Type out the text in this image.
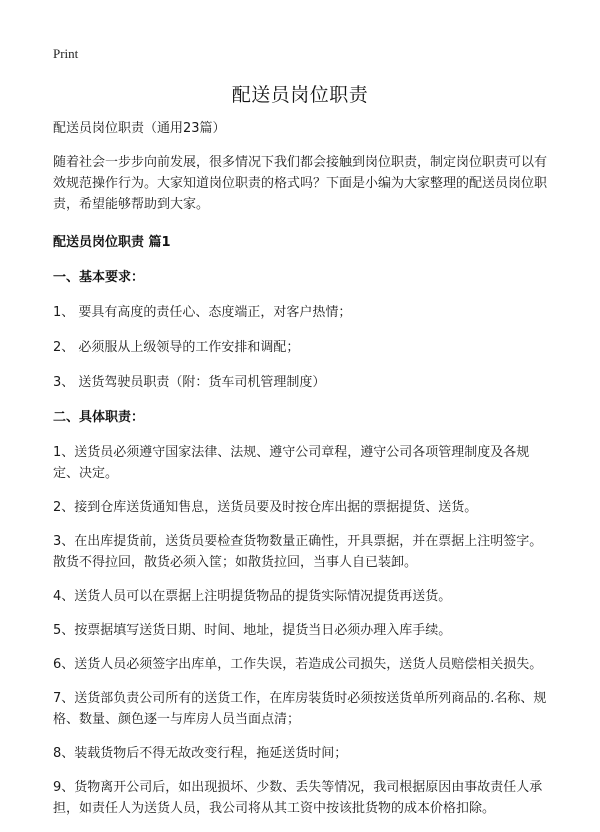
Print
配送员岗位职责
配送员岗位职责（通用23篇）
随着社会一步步向前发展，很多情况下我们都会接触到岗位职责，制定岗位职责可以有效规范操作行为。大家知道岗位职责的格式吗？下面是小编为大家整理的配送员岗位职责，希望能够帮助到大家。
配送员岗位职责 篇1
一、基本要求：
1、 要具有高度的责任心、态度端正，对客户热情；
2、 必须服从上级领导的工作安排和调配；
3、 送货驾驶员职责（附：货车司机管理制度）
二、具体职责：
1、送货员必须遵守国家法律、法规、遵守公司章程，遵守公司各项管理制度及各规定、决定。
2、接到仓库送货通知售息，送货员要及时按仓库出据的票据提货、送货。
3、在出库提货前，送货员要检查货物数量正确性，开具票据，并在票据上注明签字。散货不得拉回，散货必须入筐；如散货拉回，当事人自已装卸。
4、送货人员可以在票据上注明提货物品的提货实际情况提货再送货。
5、按票据填写送货日期、时间、地址，提货当日必须办理入库手续。
6、送货人员必须签字出库单，工作失误，若造成公司损失，送货人员赔偿相关损失。
7、送货部负责公司所有的送货工作，在库房装货时必须按送货单所列商品的.名称、规格、数量、颜色逐一与库房人员当面点清；
8、装载货物后不得无故改变行程，拖延送货时间；
9、货物离开公司后，如出现损坏、少数、丢失等情况，我司根据原因由事故责任人承担，如责任人为送货人员，我公司将从其工资中按该批货物的成本价格扣除。
